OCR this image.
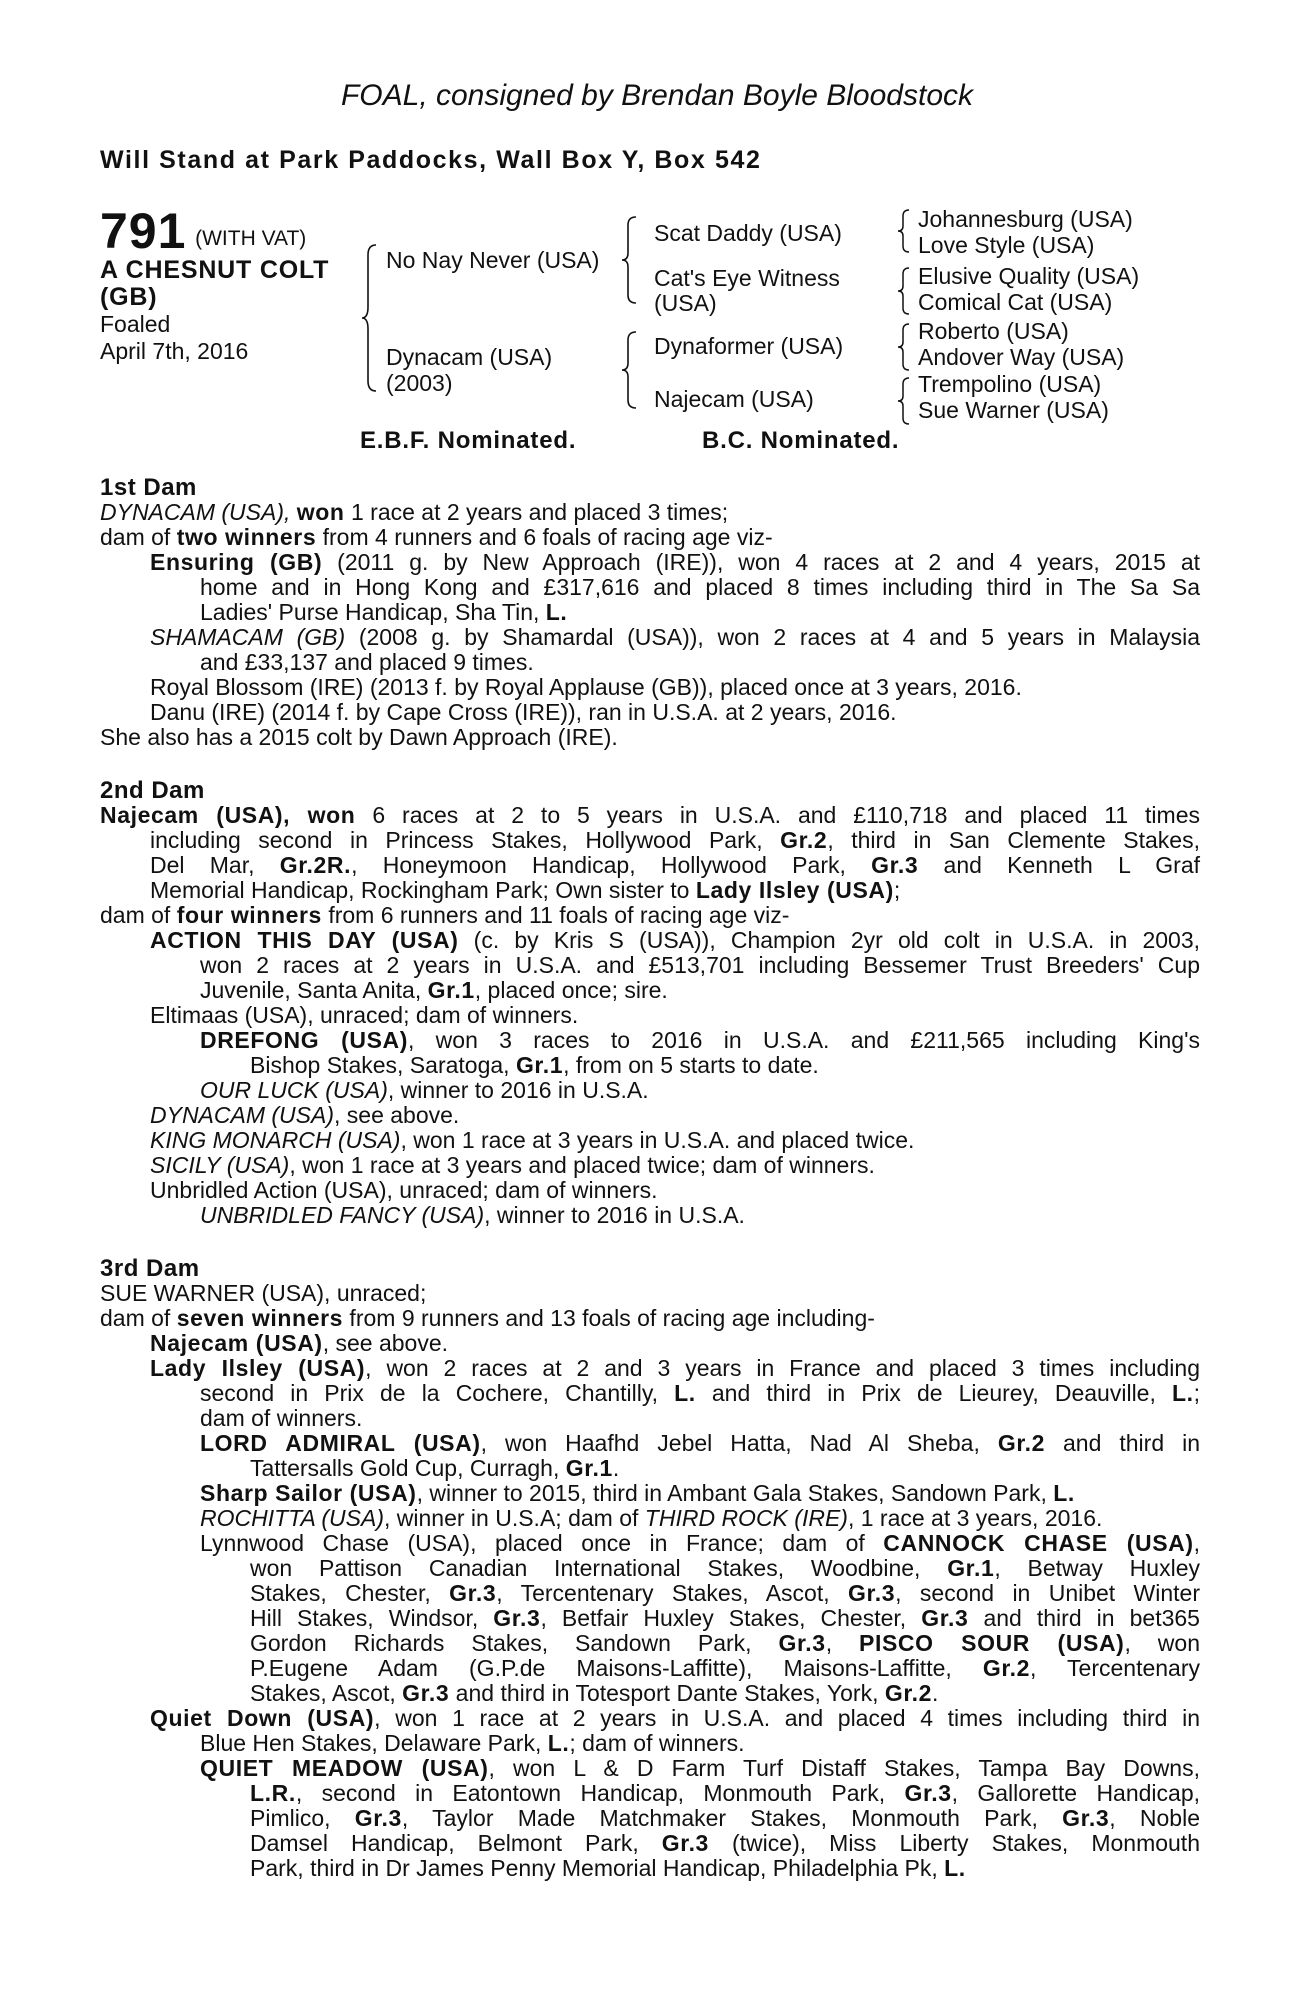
FOAL, consigned by Brendan Boyle Bloodstock
Will Stand at Park Paddocks, Wall Box Y, Box 542
791 (WITH VAT)
A CHESNUT COLT
(GB)
Foaled
April 7th, 2016
No Nay Never (USA)
Dynacam (USA)
(2003)
Scat Daddy (USA)
Cat's Eye Witness
(USA)
Dynaformer (USA)
Najecam (USA)
Johannesburg (USA)
Love Style (USA)
Elusive Quality (USA)
Comical Cat (USA)
Roberto (USA)
Andover Way (USA)
Trempolino (USA)
Sue Warner (USA)
E.B.F. Nominated.	B.C. Nominated.
1st Dam
DYNACAM (USA), won 1 race at 2 years and placed 3 times;
dam of two winners from 4 runners and 6 foals of racing age viz-
Ensuring (GB) (2011 g. by New Approach (IRE)), won 4 races at 2 and 4 years, 2015 at
home and in Hong Kong and £317,616 and placed 8 times including third in The Sa Sa
Ladies' Purse Handicap, Sha Tin, L.
SHAMACAM (GB) (2008 g. by Shamardal (USA)), won 2 races at 4 and 5 years in Malaysia
and £33,137 and placed 9 times.
Royal Blossom (IRE) (2013 f. by Royal Applause (GB)), placed once at 3 years, 2016.
Danu (IRE) (2014 f. by Cape Cross (IRE)), ran in U.S.A. at 2 years, 2016.
She also has a 2015 colt by Dawn Approach (IRE).
2nd Dam
Najecam (USA), won 6 races at 2 to 5 years in U.S.A. and £110,718 and placed 11 times
including second in Princess Stakes, Hollywood Park, Gr.2, third in San Clemente Stakes,
Del Mar, Gr.2R., Honeymoon Handicap, Hollywood Park, Gr.3 and Kenneth L Graf
Memorial Handicap, Rockingham Park; Own sister to Lady Ilsley (USA);
dam of four winners from 6 runners and 11 foals of racing age viz-
ACTION THIS DAY (USA) (c. by Kris S (USA)), Champion 2yr old colt in U.S.A. in 2003,
won 2 races at 2 years in U.S.A. and £513,701 including Bessemer Trust Breeders' Cup
Juvenile, Santa Anita, Gr.1, placed once; sire.
Eltimaas (USA), unraced; dam of winners.
DREFONG (USA), won 3 races to 2016 in U.S.A. and £211,565 including King's
Bishop Stakes, Saratoga, Gr.1, from on 5 starts to date.
OUR LUCK (USA), winner to 2016 in U.S.A.
DYNACAM (USA), see above.
KING MONARCH (USA), won 1 race at 3 years in U.S.A. and placed twice.
SICILY (USA), won 1 race at 3 years and placed twice; dam of winners.
Unbridled Action (USA), unraced; dam of winners.
UNBRIDLED FANCY (USA), winner to 2016 in U.S.A.
3rd Dam
SUE WARNER (USA), unraced;
dam of seven winners from 9 runners and 13 foals of racing age including-
Najecam (USA), see above.
Lady Ilsley (USA), won 2 races at 2 and 3 years in France and placed 3 times including
second in Prix de la Cochere, Chantilly, L. and third in Prix de Lieurey, Deauville, L.;
dam of winners.
LORD ADMIRAL (USA), won Haafhd Jebel Hatta, Nad Al Sheba, Gr.2 and third in
Tattersalls Gold Cup, Curragh, Gr.1.
Sharp Sailor (USA), winner to 2015, third in Ambant Gala Stakes, Sandown Park, L.
ROCHITTA (USA), winner in U.S.A; dam of THIRD ROCK (IRE), 1 race at 3 years, 2016.
Lynnwood Chase (USA), placed once in France; dam of CANNOCK CHASE (USA),
won Pattison Canadian International Stakes, Woodbine, Gr.1, Betway Huxley
Stakes, Chester, Gr.3, Tercentenary Stakes, Ascot, Gr.3, second in Unibet Winter
Hill Stakes, Windsor, Gr.3, Betfair Huxley Stakes, Chester, Gr.3 and third in bet365
Gordon Richards Stakes, Sandown Park, Gr.3, PISCO SOUR (USA), won
P.Eugene Adam (G.P.de Maisons-Laffitte), Maisons-Laffitte, Gr.2, Tercentenary
Stakes, Ascot, Gr.3 and third in Totesport Dante Stakes, York, Gr.2.
Quiet Down (USA), won 1 race at 2 years in U.S.A. and placed 4 times including third in
Blue Hen Stakes, Delaware Park, L.; dam of winners.
QUIET MEADOW (USA), won L & D Farm Turf Distaff Stakes, Tampa Bay Downs,
L.R., second in Eatontown Handicap, Monmouth Park, Gr.3, Gallorette Handicap,
Pimlico, Gr.3, Taylor Made Matchmaker Stakes, Monmouth Park, Gr.3, Noble
Damsel Handicap, Belmont Park, Gr.3 (twice), Miss Liberty Stakes, Monmouth
Park, third in Dr James Penny Memorial Handicap, Philadelphia Pk, L.
